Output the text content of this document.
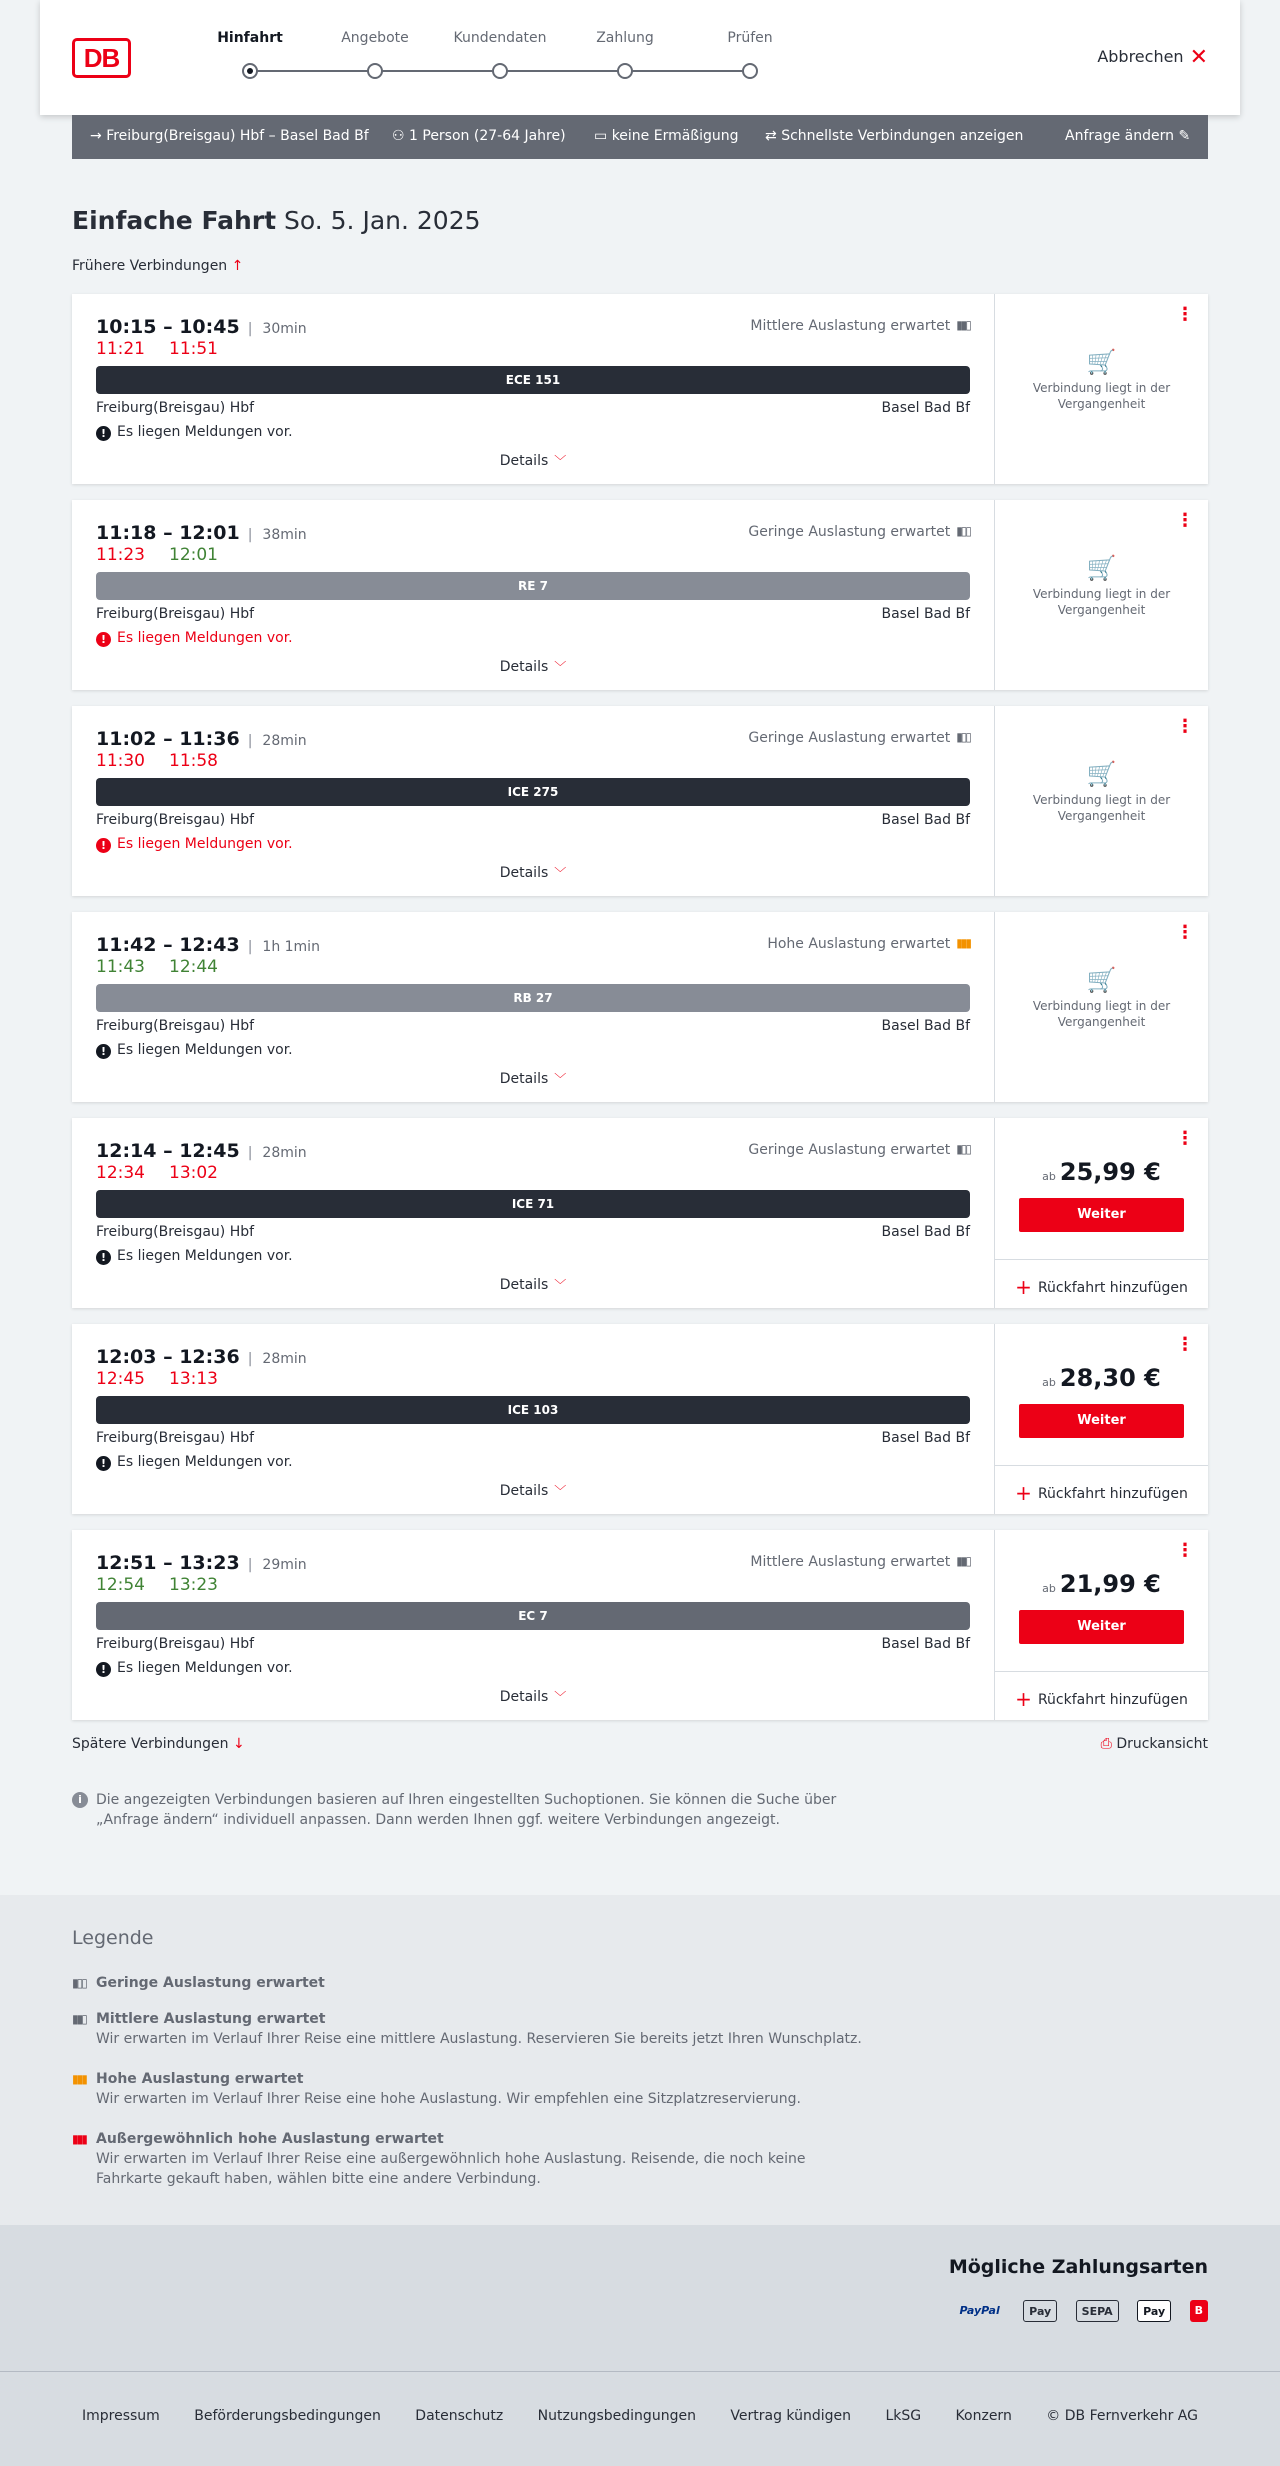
DB
Hinfahrt	Angebote	Kundendaten	Zahlung	Prüfen
Abbrechen ✕
→ Freiburg(Breisgau) Hbf – Basel Bad Bf ⚇ 1 Person (27-64 Jahre) ▭ keine Ermäßigung ⇄ Schnellste Verbindungen anzeigen	Anfrage ändern ✎
Einfache Fahrt So. 5. Jan. 2025
Frühere Verbindungen ↑
10:15 – 10:45 | 30min
11:21 11:51
Mittlere Auslastung erwartet ▮▮▯
ECE 151
Freiburg(Breisgau) Hbf	Basel Bad Bf
! Es liegen Meldungen vor.
Details ﹀
⋮
🛒
Verbindung liegt in der Vergangenheit
11:18 – 12:01 | 38min
11:23 12:01
Geringe Auslastung erwartet ▮▯▯
RE 7
Freiburg(Breisgau) Hbf	Basel Bad Bf
! Es liegen Meldungen vor.
Details ﹀
⋮
🛒
Verbindung liegt in der Vergangenheit
11:02 – 11:36 | 28min
11:30 11:58
Geringe Auslastung erwartet ▮▯▯
ICE 275
Freiburg(Breisgau) Hbf	Basel Bad Bf
! Es liegen Meldungen vor.
Details ﹀
⋮
🛒
Verbindung liegt in der Vergangenheit
11:42 – 12:43 | 1h 1min
11:43 12:44
Hohe Auslastung erwartet ▮▮▮
RB 27
Freiburg(Breisgau) Hbf	Basel Bad Bf
! Es liegen Meldungen vor.
Details ﹀
⋮
🛒
Verbindung liegt in der Vergangenheit
12:14 – 12:45 | 28min
12:34 13:02
Geringe Auslastung erwartet ▮▯▯
ICE 71
Freiburg(Breisgau) Hbf	Basel Bad Bf
! Es liegen Meldungen vor.
Details ﹀
⋮
ab 25,99 €
Weiter
+ Rückfahrt hinzufügen
12:03 – 12:36 | 28min
12:45 13:13
ICE 103
Freiburg(Breisgau) Hbf	Basel Bad Bf
! Es liegen Meldungen vor.
Details ﹀
⋮
ab 28,30 €
Weiter
+ Rückfahrt hinzufügen
12:51 – 13:23 | 29min
12:54 13:23
Mittlere Auslastung erwartet ▮▮▯
EC 7
Freiburg(Breisgau) Hbf	Basel Bad Bf
! Es liegen Meldungen vor.
Details ﹀
⋮
ab 21,99 €
Weiter
+ Rückfahrt hinzufügen
Spätere Verbindungen ↓	⎙ Druckansicht
i	Die angezeigten Verbindungen basieren auf Ihren eingestellten Suchoptionen. Sie können die Suche über „Anfrage ändern“ individuell anpassen. Dann werden Ihnen ggf. weitere Verbindungen angezeigt.
Legende
▮▯▯ Geringe Auslastung erwartet
▮▮▯ Mittlere Auslastung erwartet
Wir erwarten im Verlauf Ihrer Reise eine mittlere Auslastung. Reservieren Sie bereits jetzt Ihren Wunschplatz.
▮▮▮ Hohe Auslastung erwartet
Wir erwarten im Verlauf Ihrer Reise eine hohe Auslastung. Wir empfehlen eine Sitzplatzreservierung.
▮▮▮ Außergewöhnlich hohe Auslastung erwartet
Wir erwarten im Verlauf Ihrer Reise eine außergewöhnlich hohe Auslastung. Reisende, die noch keine Fahrkarte gekauft haben, wählen bitte eine andere Verbindung.
Mögliche Zahlungsarten
PayPal	Pay	SEPA	Pay	B
Impressum Beförderungsbedingungen Datenschutz Nutzungsbedingungen Vertrag kündigen LkSG Konzern © DB Fernverkehr AG
